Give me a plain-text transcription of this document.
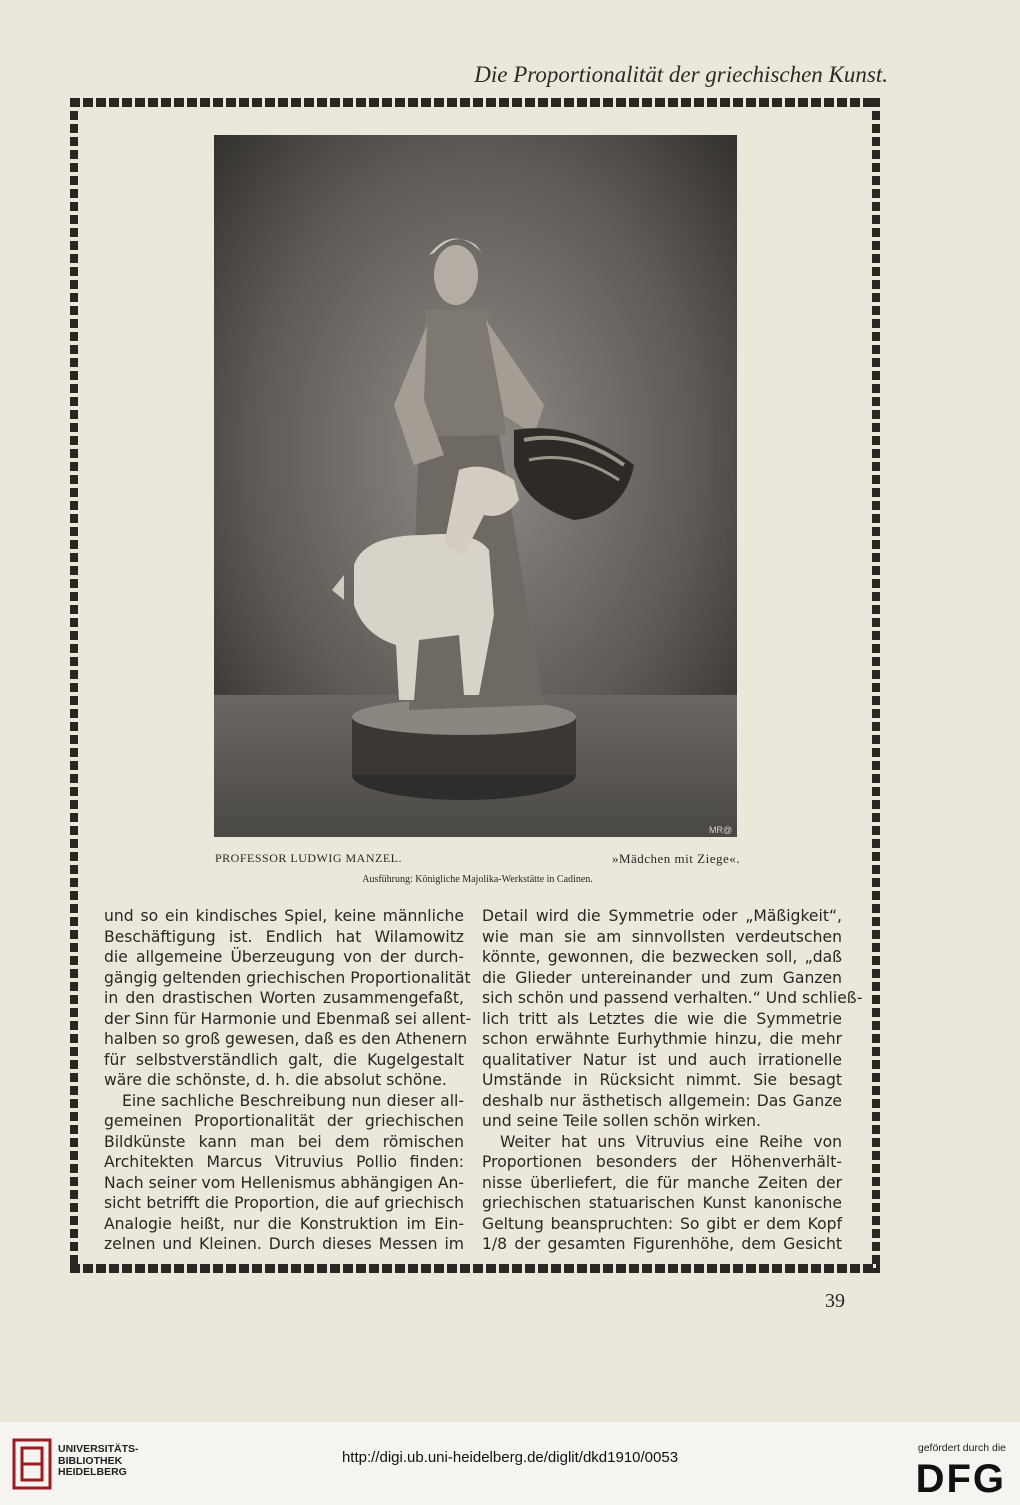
Die Proportionalität der griechischen Kunst.
MR@
PROFESSOR LUDWIG MANZEL.	»Mädchen mit Ziege«.
Ausführung: Königliche Majolika-Werkstätte in Cadinen.
und so ein kindisches Spiel, keine männliche
Beschäftigung ist. Endlich hat Wilamowitz
die allgemeine Überzeugung von der durch-
gängig geltenden griechischen Proportionalität
in den drastischen Worten zusammengefaßt,
der Sinn für Harmonie und Ebenmaß sei allent-
halben so groß gewesen, daß es den Athenern
für selbstverständlich galt, die Kugelgestalt
wäre die schönste, d. h. die absolut schöne.
Eine sachliche Beschreibung nun dieser all-
gemeinen Proportionalität der griechischen
Bildkünste kann man bei dem römischen
Architekten Marcus Vitruvius Pollio finden:
Nach seiner vom Hellenismus abhängigen An-
sicht betrifft die Proportion, die auf griechisch
Analogie heißt, nur die Konstruktion im Ein-
zelnen und Kleinen. Durch dieses Messen im
Detail wird die Symmetrie oder „Mäßigkeit“,
wie man sie am sinnvollsten verdeutschen
könnte, gewonnen, die bezwecken soll, „daß
die Glieder untereinander und zum Ganzen
sich schön und passend verhalten.“ Und schließ-
lich tritt als Letztes die wie die Symmetrie
schon erwähnte Eurhythmie hinzu, die mehr
qualitativer Natur ist und auch irrationelle
Umstände in Rücksicht nimmt. Sie besagt
deshalb nur ästhetisch allgemein: Das Ganze
und seine Teile sollen schön wirken.
Weiter hat uns Vitruvius eine Reihe von
Proportionen besonders der Höhenverhält-
nisse überliefert, die für manche Zeiten der
griechischen statuarischen Kunst kanonische
Geltung beanspruchten: So gibt er dem Kopf
1/8 der gesamten Figurenhöhe, dem Gesicht
39
UNIVERSITÄTS-
BIBLIOTHEK
HEIDELBERG
http://digi.ub.uni-heidelberg.de/diglit/dkd1910/0053
gefördert durch die
DFG
